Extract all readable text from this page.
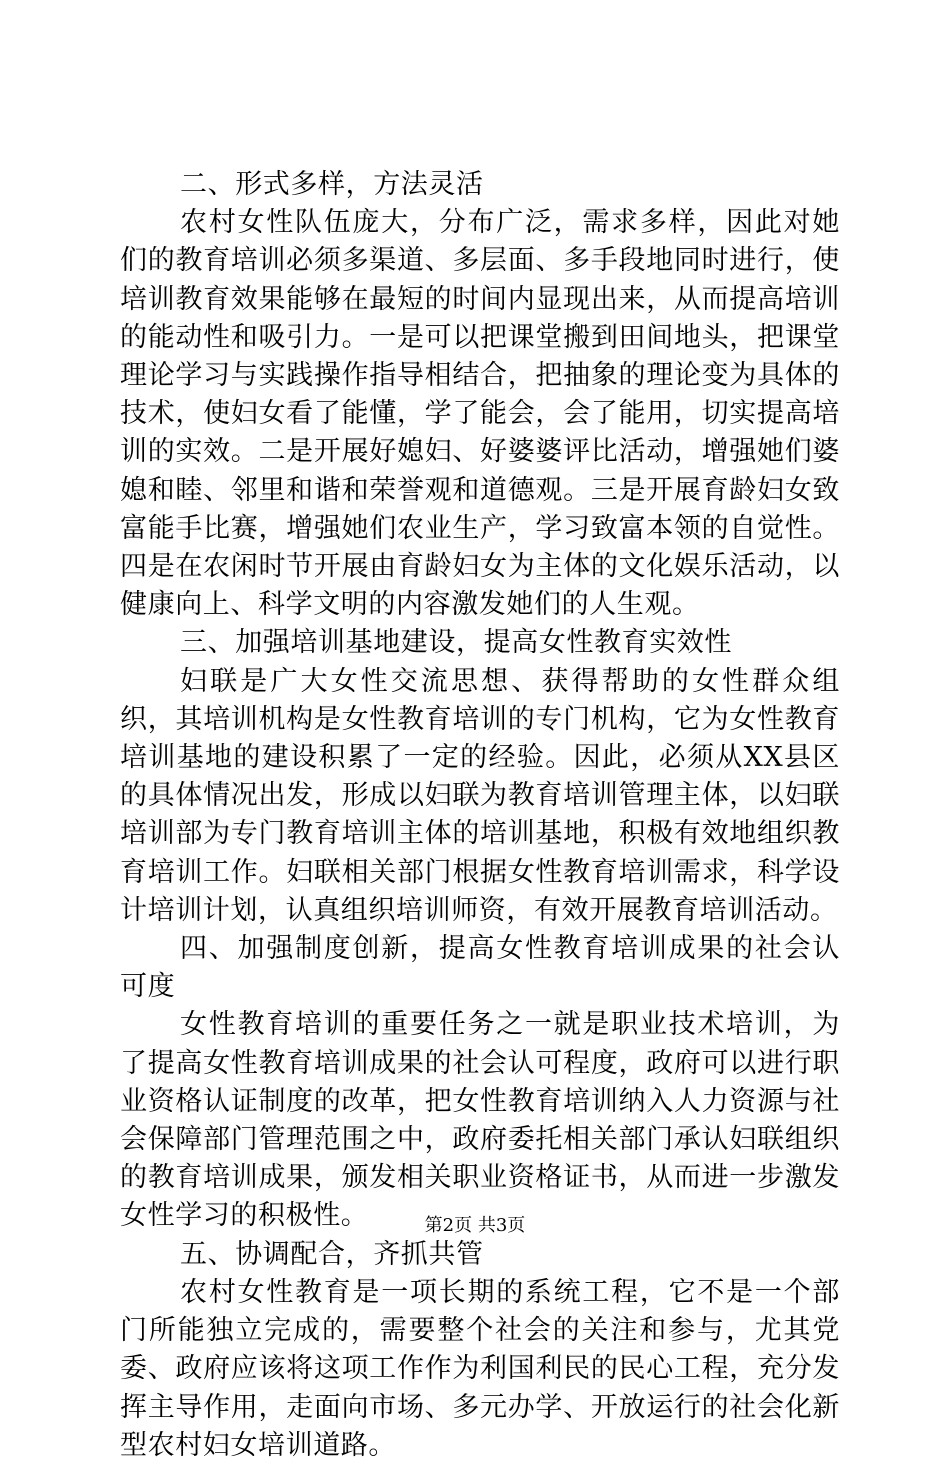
二、形式多样，方法灵活

农村女性队伍庞大，分布广泛，需求多样，因此对她们的教育培训必须多渠道、多层面、多手段地同时进行，使培训教育效果能够在最短的时间内显现出来，从而提高培训的能动性和吸引力。一是可以把课堂搬到田间地头，把课堂理论学习与实践操作指导相结合，把抽象的理论变为具体的技术，使妇女看了能懂，学了能会，会了能用，切实提高培训的实效。二是开展好媳妇、好婆婆评比活动，增强她们婆媳和睦、邻里和谐和荣誉观和道德观。三是开展育龄妇女致富能手比赛，增强她们农业生产，学习致富本领的自觉性。四是在农闲时节开展由育龄妇女为主体的文化娱乐活动，以健康向上、科学文明的内容激发她们的人生观。

三、加强培训基地建设，提高女性教育实效性

妇联是广大女性交流思想、获得帮助的女性群众组织，其培训机构是女性教育培训的专门机构，它为女性教育培训基地的建设积累了一定的经验。因此，必须从XX县区的具体情况出发，形成以妇联为教育培训管理主体，以妇联培训部为专门教育培训主体的培训基地，积极有效地组织教育培训工作。妇联相关部门根据女性教育培训需求，科学设计培训计划，认真组织培训师资，有效开展教育培训活动。

四、加强制度创新，提高女性教育培训成果的社会认可度

女性教育培训的重要任务之一就是职业技术培训，为了提高女性教育培训成果的社会认可程度，政府可以进行职业资格认证制度的改革，把女性教育培训纳入人力资源与社会保障部门管理范围之中，政府委托相关部门承认妇联组织的教育培训成果，颁发相关职业资格证书，从而进一步激发女性学习的积极性。

五、协调配合，齐抓共管

农村女性教育是一项长期的系统工程，它不是一个部门所能独立完成的，需要整个社会的关注和参与，尤其党委、政府应该将这项工作作为利国利民的民心工程，充分发挥主导作用，走面向市场、多元办学、开放运行的社会化新型农村妇女培训道路。

第2页 共3页
